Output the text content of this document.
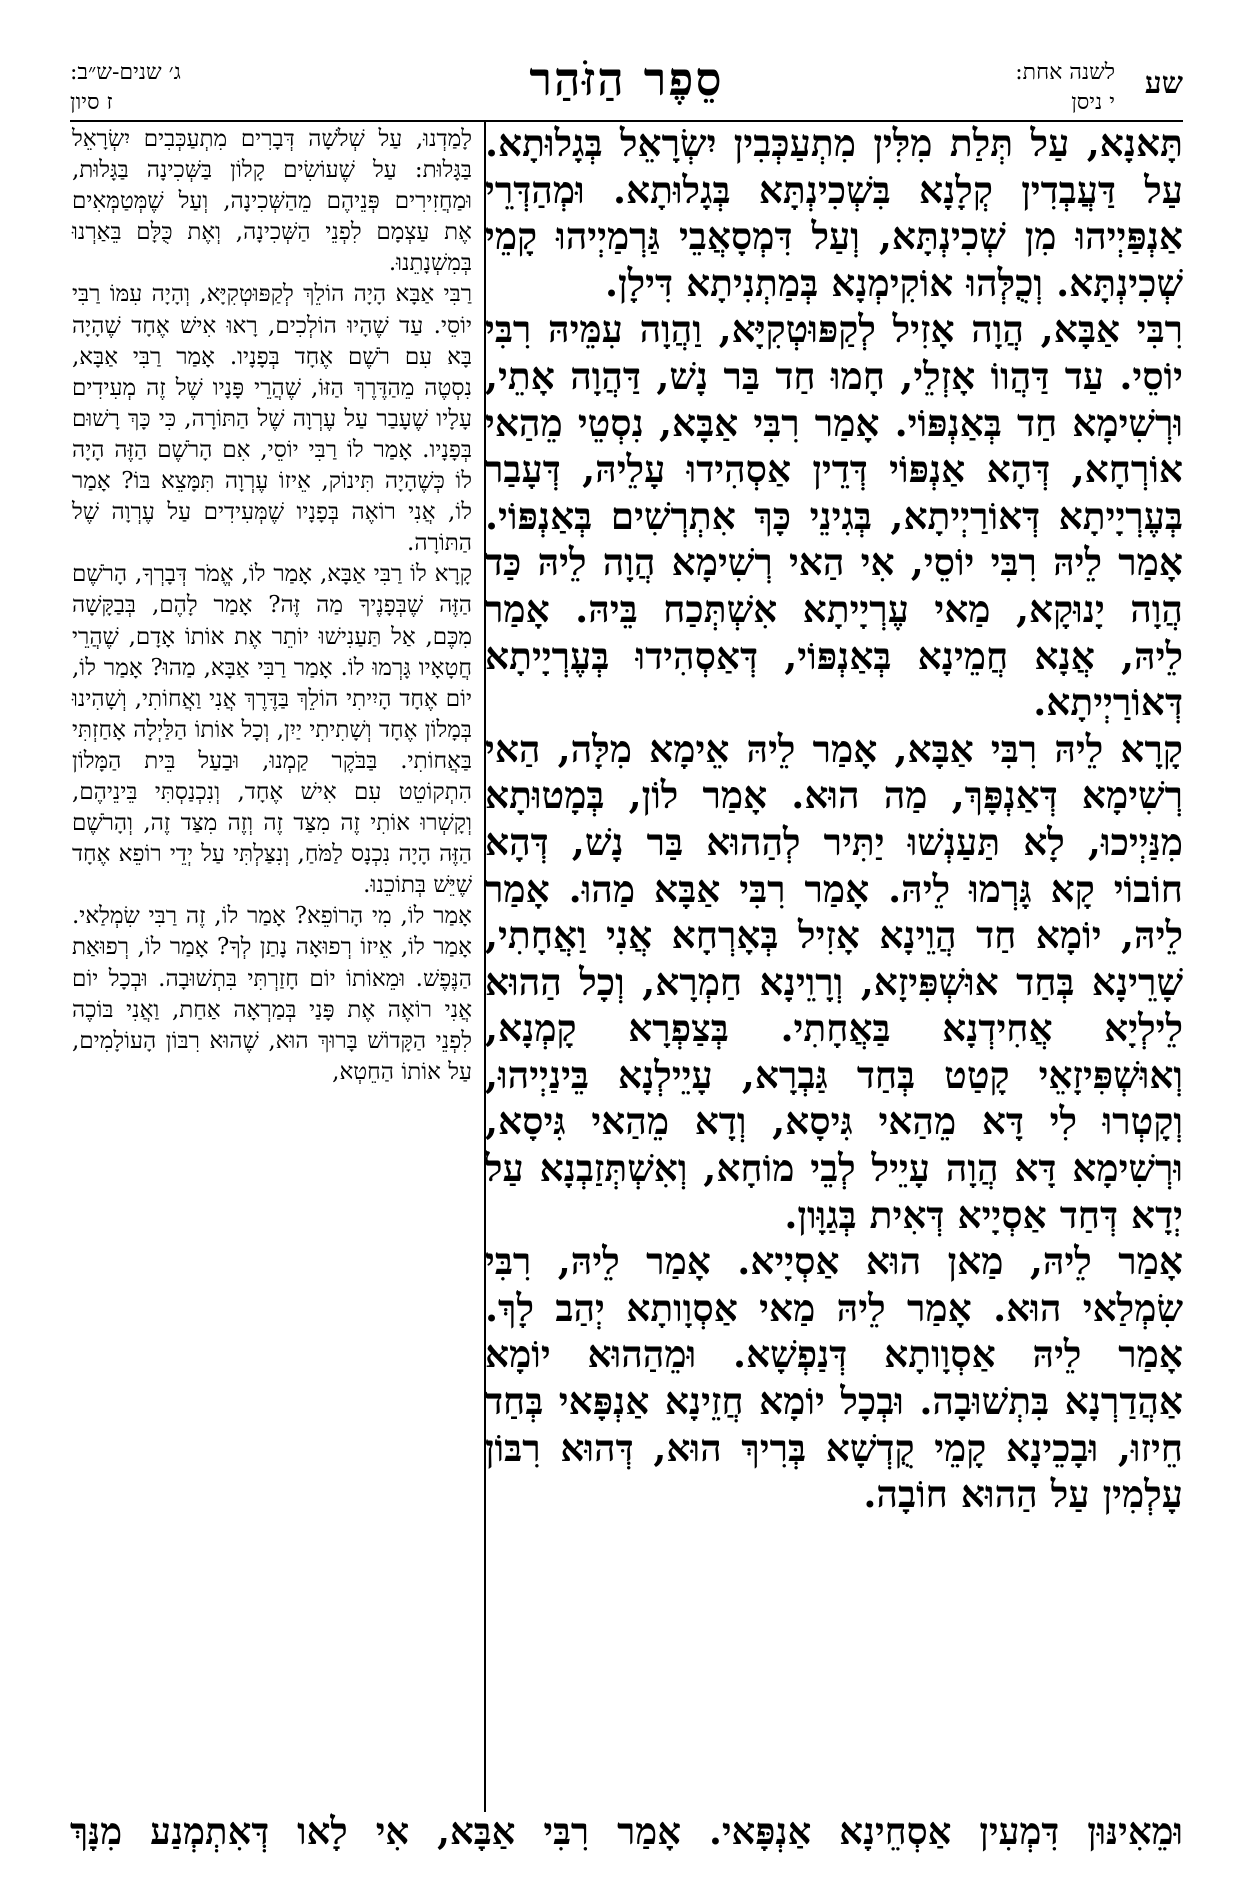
שע
לשנה אחת:
י ניסן
סֵפֶר הַזֹּהַר
ג׳ שנים-ש״ב:
ז סיון

תָּאנָא, עַל תְּלַת מִלִּין מִתְעַכְּבִין יִשְׂרָאֵל בְּגָלוּתָא. עַל דַּעֲבְדִין קְלָנָא בִּשְׁכִינְתָּא בְּגָלוּתָא. וּמְהַדְּרֵי אַנְפַּיְיהוּ מִן שְׁכִינְתָּא, וְעַל דִּמְסָאֲבֵי גַּרְמַיְיהוּ קָמֵי שְׁכִינְתָּא. וְכֻלְּהוּ אוֹקִימְנָא בְּמַתְנִיתָא דִּילָן.

רִבִּי אַבָּא, הֲוָה אָזִיל לְקַפּוּטְקִיָּא, וַהֲוָה עִמֵּיהּ רִבִּי יוֹסֵי. עַד דַּהֲווֹ אָזְלֵי, חָמוּ חַד בַּר נָשׁ, דַּהֲוָה אָתֵי, וּרְשִׁימָא חַד בְּאַנְפּוֹי. אָמַר רִבִּי אַבָּא, נִסְטֵי מֵהַאי אוֹרְחָא, דְּהָא אַנְפּוֹי דְּדֵין אַסְהִידוּ עָלֵיהּ, דְּעָבַר בְּעֶרְיָיתָא דְּאוֹרַיְיתָא, בְּגִינֵי כָּךְ אִתְרְשִׁים בְּאַנְפּוֹי. אָמַר לֵיהּ רִבִּי יוֹסֵי, אִי הַאי רְשִׁימָא הֲוָה לֵיהּ כַּד הֲוָה יָנוּקָא, מַאי עֶרְיָיתָא אִשְׁתְּכַח בֵּיהּ. אָמַר לֵיהּ, אֲנָא חֲמֵינָא בְּאַנְפּוֹי, דְּאַסְהִידוּ בְּעֶרְיָיתָא דְּאוֹרַיְיתָא.

קָרָא לֵיהּ רִבִּי אַבָּא, אָמַר לֵיהּ אֵימָא מִלָּה, הַאי רְשִׁימָא דְּאַנְפָּךְ, מַה הוּא. אָמַר לוֹן, בְּמָטוּתָא מִנַּיְיכוּ, לָא תַּעַנְשׁוּ יַתִּיר לְהַהוּא בַּר נָשׁ, דְּהָא חוֹבוֹי קָא גָּרְמוּ לֵיהּ. אָמַר רִבִּי אַבָּא מַהוּ. אָמַר לֵיהּ, יוֹמָא חַד הֲוֵינָא אָזִיל בְּאָרְחָא אֲנִי וַאֲחָתִי, שָׁרֵינָא בְּחַד אוּשְׁפִּיזָא, וְרָוֵינָא חַמְרָא, וְכָל הַהוּא לֵילְיָא אֲחִידְנָא בַּאֲחָתִי. בְּצַפְרָא קָמְנָא, וְאוּשְׁפִּיזָאֵי קָטַט בְּחַד גַּבְרָא, עָיֵילְנָא בֵּינַיְיהוּ, וְקָטְרוּ לִי דָּא מֵהַאי גִּיסָא, וְדָא מֵהַאי גִּיסָא, וּרְשִׁימָא דָּא הֲוָה עָיֵיל לְבֵי מוֹחָא, וְאִשְׁתְּזַבְנָא עַל יְדָא דְּחַד אַסְיָיא דְּאִית בְּגַוָּון.

אָמַר לֵיהּ, מַאן הוּא אַסְיָיא. אָמַר לֵיהּ, רִבִּי שִׂמְלַאי הוּא. אָמַר לֵיהּ מַאי אַסְוָותָא יְהַב לָךְ. אָמַר לֵיהּ אַסְוָותָא דְּנַפְשָׁא. וּמֵהַהוּא יוֹמָא אַהֲדַרְנָא בִּתְשׁוּבָה. וּבְכָל יוֹמָא חֲזֵינָא אַנְפָּאי בְּחַד חֵיזוּ, וּבָכֵינָא קָמֵי קֻדְשָׁא בְּרִיךְ הוּא, דְּהוּא רִבּוֹן עָלְמִין עַל הַהוּא חוֹבָה.

לָמַדְנוּ, עַל שְׁלֹשָׁה דְּבָרִים מִתְעַכְּבִים יִשְׂרָאֵל בַּגָּלוּת: עַל שֶׁעוֹשִׂים קָלוֹן בַּשְּׁכִינָה בַּגָּלוּת, וּמַחֲזִירִים פְּנֵיהֶם מֵהַשְּׁכִינָה, וְעַל שֶׁמְּטַמְּאִים אֶת עַצְמָם לִפְנֵי הַשְּׁכִינָה, וְאֶת כֻּלָּם בֵּאַרְנוּ בְּמִשְׁנָתֵנוּ.

רַבִּי אַבָּא הָיָה הוֹלֵךְ לְקַפּוּטְקִיָּא, וְהָיָה עִמּוֹ רַבִּי יוֹסֵי. עַד שֶׁהָיוּ הוֹלְכִים, רָאוּ אִישׁ אֶחָד שֶׁהָיָה בָּא עִם רֹשֶׁם אֶחָד בְּפָנָיו. אָמַר רַבִּי אַבָּא, נִסְטֶה מֵהַדֶּרֶךְ הַזּוֹ, שֶׁהֲרֵי פָּנָיו שֶׁל זֶה מְעִידִים עָלָיו שֶׁעָבַר עַל עֶרְוָה שֶׁל הַתּוֹרָה, כִּי כָּךְ רָשׁוּם בְּפָנָיו. אָמַר לוֹ רַבִּי יוֹסֵי, אִם הָרֹשֶׁם הַזֶּה הָיָה לוֹ כְּשֶׁהָיָה תִּינוֹק, אֵיזוֹ עֶרְוָה תִּמָּצֵא בּוֹ? אָמַר לוֹ, אֲנִי רוֹאֶה בְּפָנָיו שֶׁמְּעִידִים עַל עֶרְוָה שֶׁל הַתּוֹרָה.

קָרָא לוֹ רַבִּי אַבָּא, אָמַר לוֹ, אֱמֹר דְּבָרְךָ, הָרֹשֶׁם הַזֶּה שֶׁבְּפָנֶיךָ מַה זֶּה? אָמַר לָהֶם, בְּבַקָּשָׁה מִכֶּם, אַל תַּעַנִישׁוּ יוֹתֵר אֶת אוֹתוֹ אָדָם, שֶׁהֲרֵי חֲטָאָיו גָּרְמוּ לוֹ. אָמַר רַבִּי אַבָּא, מַהוּ? אָמַר לוֹ, יוֹם אֶחָד הָיִיתִי הוֹלֵךְ בַּדֶּרֶךְ אֲנִי וַאֲחוֹתִי, וְשָׁהִינוּ בְּמָלוֹן אֶחָד וְשָׁתִיתִי יַיִן, וְכָל אוֹתוֹ הַלַּיְלָה אָחַזְתִּי בַּאֲחוֹתִי. בַּבֹּקֶר קַמְנוּ, וּבַעַל בֵּית הַמָּלוֹן הִתְקוֹטֵט עִם אִישׁ אֶחָד, וְנִכְנַסְתִּי בֵּינֵיהֶם, וְקָשְׁרוּ אוֹתִי זֶה מִצַּד זֶה וְזֶה מִצַּד זֶה, וְהָרֹשֶׁם הַזֶּה הָיָה נִכְנָס לַמֹּחַ, וְנִצַּלְתִּי עַל יְדֵי רוֹפֵא אֶחָד שֶׁיֵּשׁ בְּתוֹכֵנוּ.

אָמַר לוֹ, מִי הָרוֹפֵא? אָמַר לוֹ, זֶה רַבִּי שִׂמְלַאי. אָמַר לוֹ, אֵיזוֹ רְפוּאָה נָתַן לְךָ? אָמַר לוֹ, רְפוּאַת הַנֶּפֶשׁ. וּמֵאוֹתוֹ יוֹם חָזַרְתִּי בִּתְשׁוּבָה. וּבְכָל יוֹם אֲנִי רוֹאֶה אֶת פָּנַי בְּמַרְאָה אַחַת, וַאֲנִי בּוֹכֶה לִפְנֵי הַקָּדוֹשׁ בָּרוּךְ הוּא, שֶׁהוּא רִבּוֹן הָעוֹלָמִים, עַל אוֹתוֹ הַחֵטְא,

וּמֵאִינּוּן דִּמְעִין אַסְחֵינָא אַנְפָּאי. אָמַר רִבִּי אַבָּא, אִי לָאו דְּאִתְמְנַע מִנָּךְ
